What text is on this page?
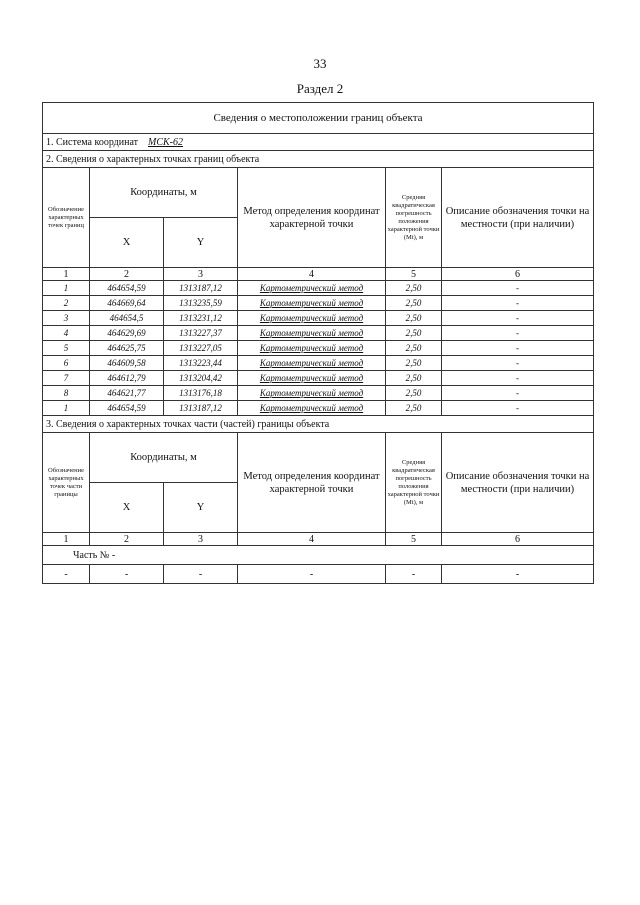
33
Раздел 2
Сведения о местоположении границ объекта					
1. Система координат МСК-62					
2. Сведения о характерных точках границ объекта					
Обозначение характерных точек границ	Координаты, м		Метод определения координат характерной точки	Средняя квадратическая погрешность положения характерной точки (Mt), м	Описание обозначения точки на местности (при наличии)
	X	Y			
1	2	3	4	5	6
1	464654,59	1313187,12	Картометрический метод	2,50	-
2	464669,64	1313235,59	Картометрический метод	2,50	-
3	464654,5	1313231,12	Картометрический метод	2,50	-
4	464629,69	1313227,37	Картометрический метод	2,50	-
5	464625,75	1313227,05	Картометрический метод	2,50	-
6	464609,58	1313223,44	Картометрический метод	2,50	-
7	464612,79	1313204,42	Картометрический метод	2,50	-
8	464621,77	1313176,18	Картометрический метод	2,50	-
1	464654,59	1313187,12	Картометрический метод	2,50	-
3. Сведения о характерных точках части (частей) границы объекта					
Обозначение характерных точек части границы	Координаты, м		Метод определения координат характерной точки	Средняя квадратическая погрешность положения характерной точки (Mt), м	Описание обозначения точки на местности (при наличии)
	X	Y			
1	2	3	4	5	6
Часть № -					
-	-	-	-	-	-
